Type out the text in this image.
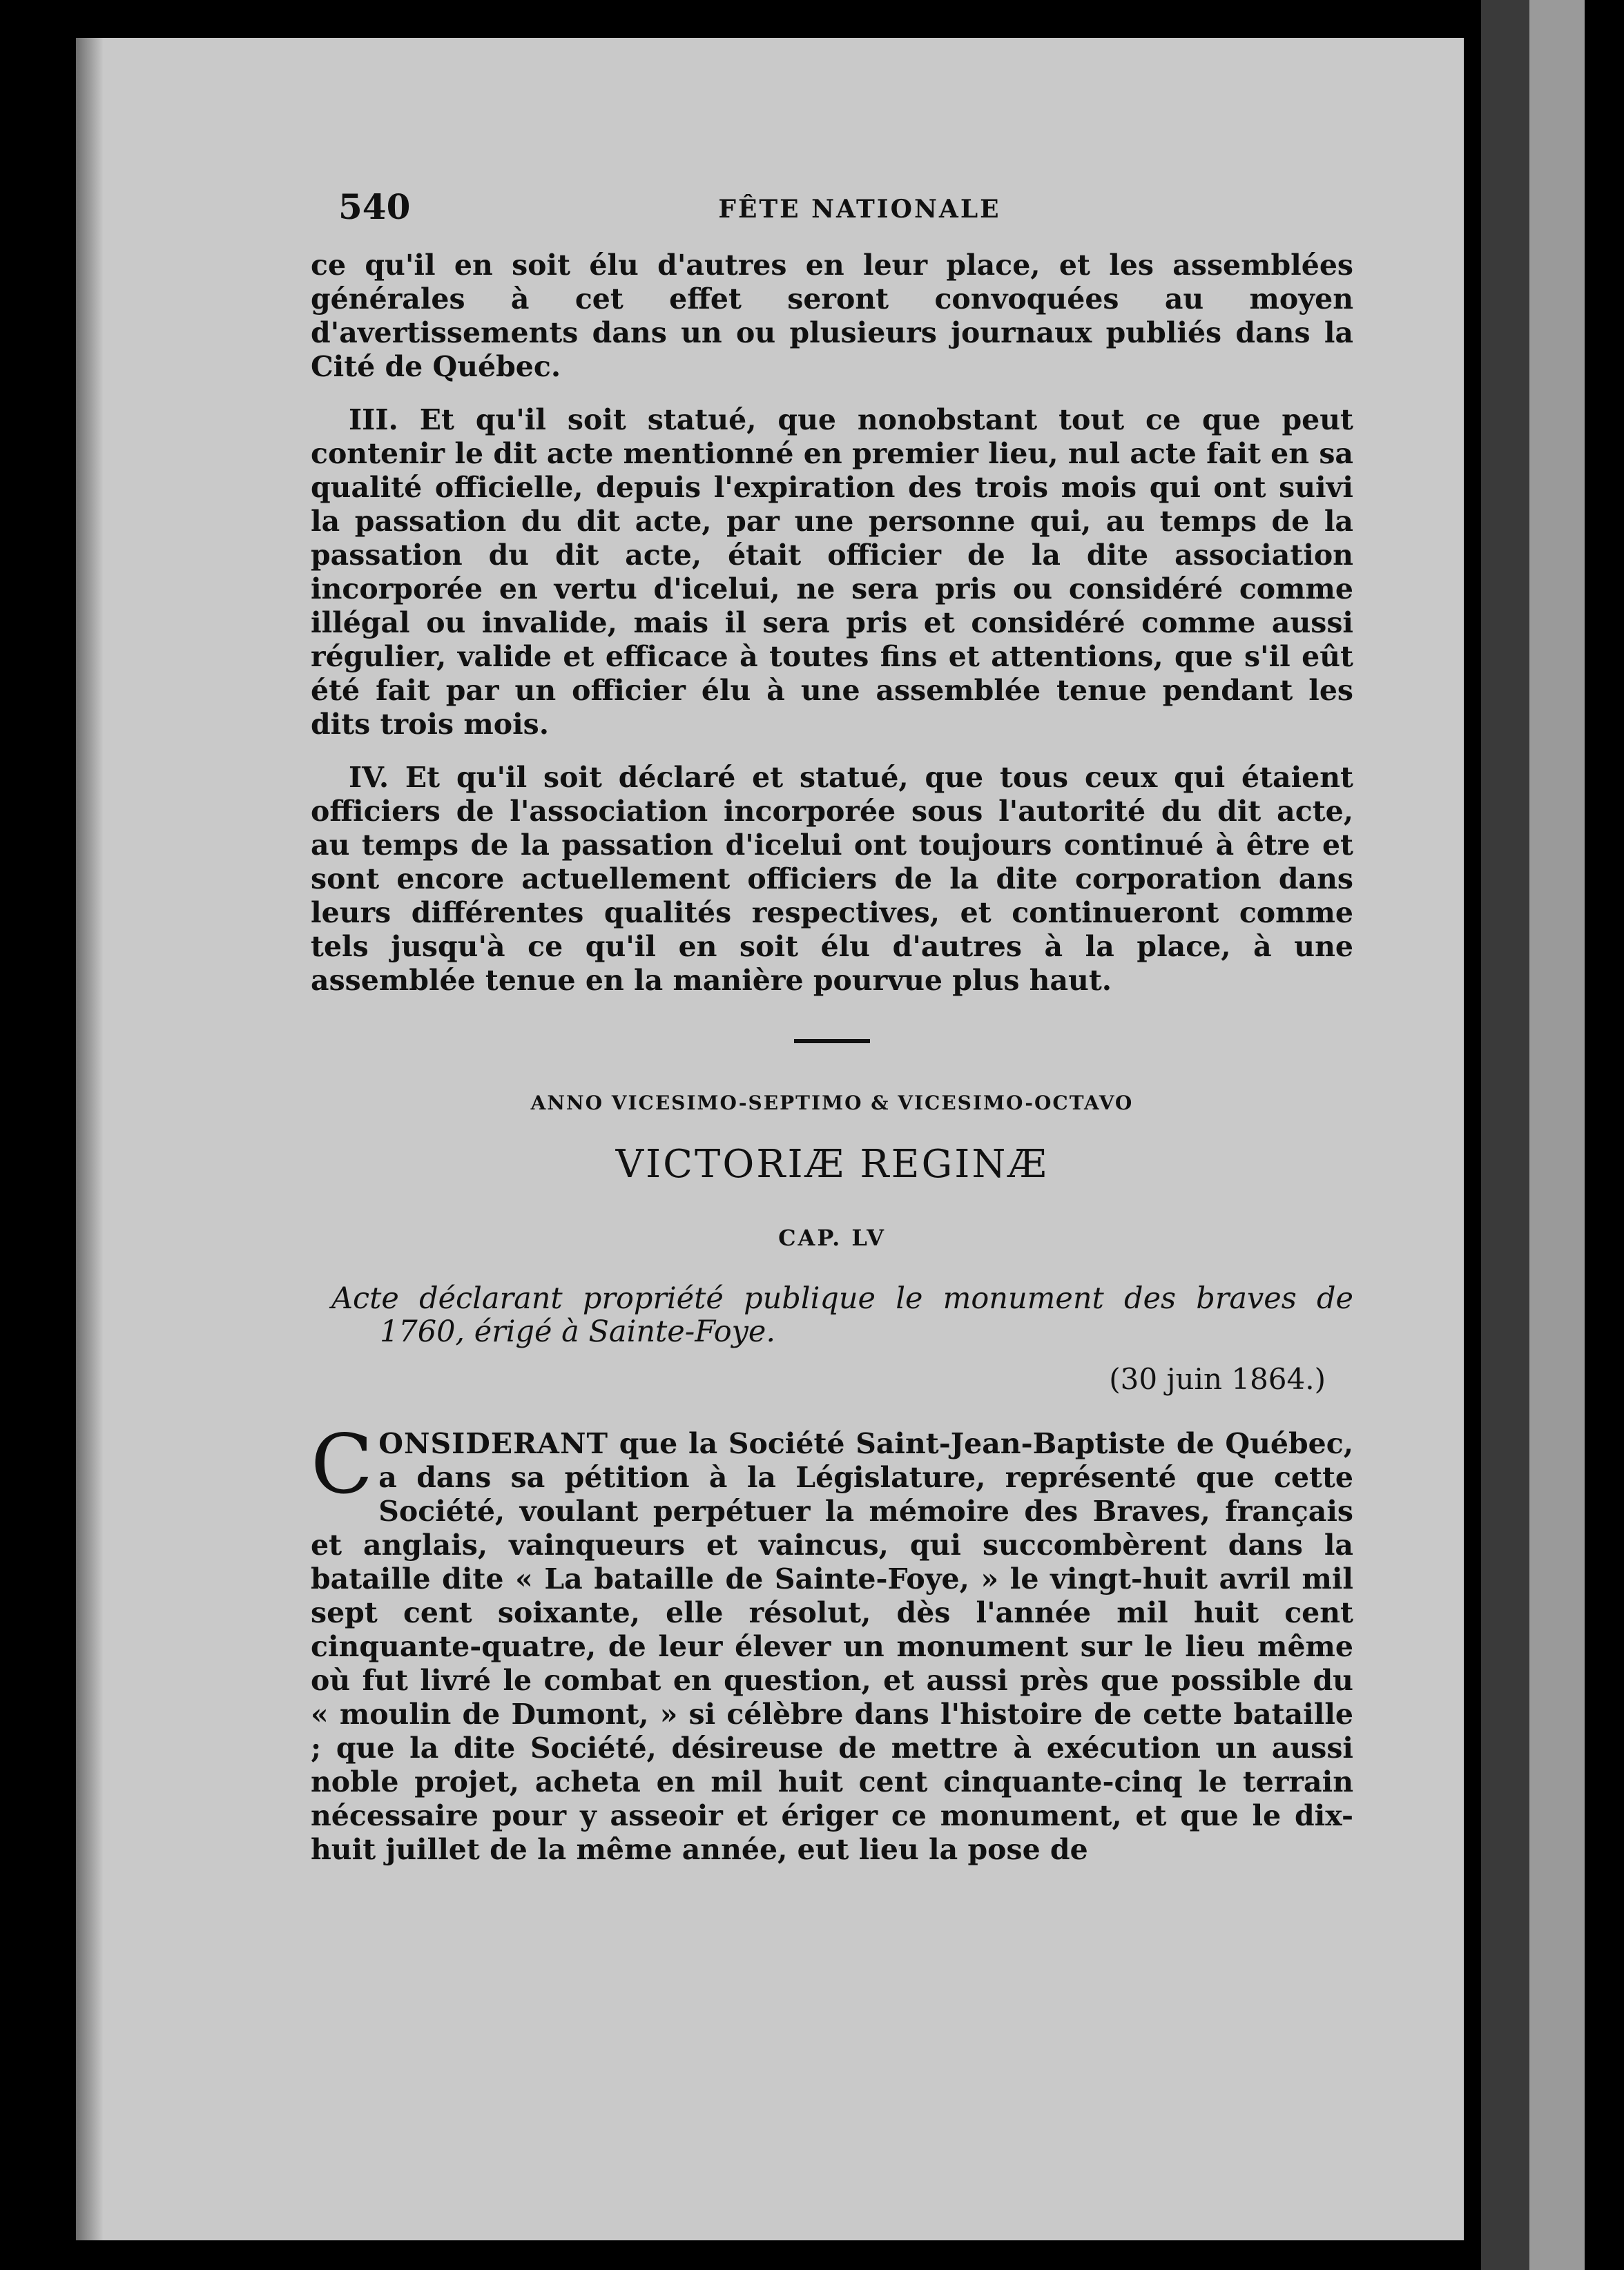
540	FÊTE NATIONALE

ce qu'il en soit élu d'autres en leur place, et les assemblées générales à cet effet seront convoquées au moyen d'avertissements dans un ou plusieurs journaux publiés dans la Cité de Québec.

III. Et qu'il soit statué, que nonobstant tout ce que peut contenir le dit acte mentionné en premier lieu, nul acte fait en sa qualité officielle, depuis l'expiration des trois mois qui ont suivi la passation du dit acte, par une personne qui, au temps de la passation du dit acte, était officier de la dite association incorporée en vertu d'icelui, ne sera pris ou considéré comme illégal ou invalide, mais il sera pris et considéré comme aussi régulier, valide et efficace à toutes fins et attentions, que s'il eût été fait par un officier élu à une assemblée tenue pendant les dits trois mois.

IV. Et qu'il soit déclaré et statué, que tous ceux qui étaient officiers de l'association incorporée sous l'autorité du dit acte, au temps de la passation d'icelui ont toujours continué à être et sont encore actuellement officiers de la dite corporation dans leurs différentes qualités respectives, et continueront comme tels jusqu'à ce qu'il en soit élu d'autres à la place, à une assemblée tenue en la manière pourvue plus haut.

ANNO VICESIMO-SEPTIMO & VICESIMO-OCTAVO
VICTORIÆ REGINÆ
CAP. LV

Acte déclarant propriété publique le monument des braves de 1760, érigé à Sainte-Foye.

(30 juin 1864.)

CONSIDERANT que la Société Saint-Jean-Baptiste de Québec, a dans sa pétition à la Législature, représenté que cette Société, voulant perpétuer la mémoire des Braves, français et anglais, vainqueurs et vaincus, qui succombèrent dans la bataille dite « La bataille de Sainte-Foye, » le vingt-huit avril mil sept cent soixante, elle résolut, dès l'année mil huit cent cinquante-quatre, de leur élever un monument sur le lieu même où fut livré le combat en question, et aussi près que possible du « moulin de Dumont, » si célèbre dans l'histoire de cette bataille ; que la dite Société, désireuse de mettre à exécution un aussi noble projet, acheta en mil huit cent cinquante-cinq le terrain nécessaire pour y asseoir et ériger ce monument, et que le dix-huit juillet de la même année, eut lieu la pose de
